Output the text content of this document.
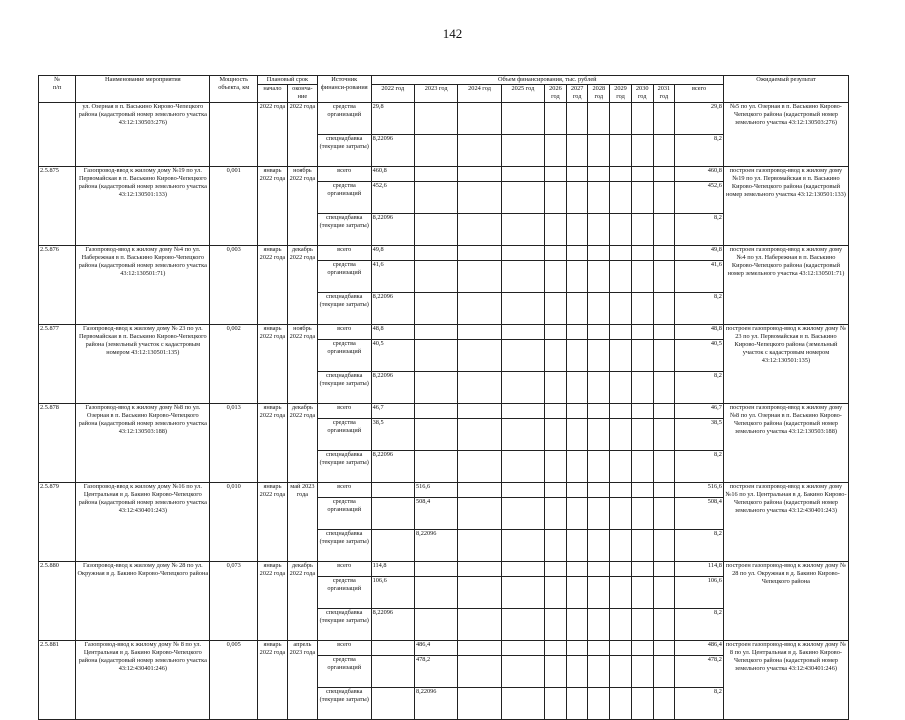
142
№
п/п	Наименование мероприятия	Мощность объекта, км	Плановый срок		Источник финанси-рования	Объем финансирования, тыс. рублей											Ожидаемый результат
			начало	оконча-ние		2022 год	2023 год	2024 год	2025 год	2026 год	2027 год	2028 год	2029 год	2030 год	2031 год	всего	
	ул. Озерная в п. Васькино Кирово-Чепецкого района (кадастровый номер земельного участка 43:12:130503:276)		2022 года	2022 года	средства организаций	29,8										29,8	№5 по ул. Озерная в п. Васькино Кирово-Чепецкого района (кадастровый номер земельного участка 43:12:130503:276)
					спецнадбавка (текущие затраты)	8,22096										8,2	
2.5.875	Газопровод-ввод к жилому дому №19 по ул. Первомайская в п. Васькино Кирово-Чепецкого района (кадастровый номер земельного участка 43:12:130501:133)	0,001	январь 2022 года	ноябрь 2022 года	всего	460,8										460,8	построен газопровод-ввод к жилому дому №19 по ул. Первомайская в п. Васькино Кирово-Чепецкого района (кадастровый номер земельного участка 43:12:130501:133)
					средства организаций	452,6										452,6	
					спецнадбавка (текущие затраты)	8,22096										8,2	
2.5.876	Газопровод-ввод к жилому дому №4 по ул. Набережная в п. Васькино Кирово-Чепецкого района (кадастровый номер земельного участка 43:12:130501:71)	0,003	январь 2022 года	декабрь 2022 года	всего	49,8										49,8	построен газопровод-ввод к жилому дому №4 по ул. Набережная в п. Васькино Кирово-Чепецкого района (кадастровый номер земельного участка 43:12:130501:71)
					средства организаций	41,6										41,6	
					спецнадбавка (текущие затраты)	8,22096										8,2	
2.5.877	Газопровод-ввод к жилому дому № 23 по ул. Первомайская в п. Васькино Кирово-Чепецкого района (земельный участок с кадастровым номером 43:12:130501:135)	0,002	январь 2022 года	ноябрь 2022 года	всего	48,8										48,8	построен газопровод-ввод к жилому дому № 23 по ул. Первомайская в п. Васькино Кирово-Чепецкого района (земельный участок с кадастровым номером 43:12:130501:135)
					средства организаций	40,5										40,5	
					спецнадбавка (текущие затраты)	8,22096										8,2	
2.5.878	Газопровод-ввод к жилому дому №8 по ул. Озерная в п. Васькино Кирово-Чепецкого района (кадастровый номер земельного участка 43:12:130503:188)	0,013	январь 2022 года	декабрь 2022 года	всего	46,7										46,7	построен газопровод-ввод к жилому дому №8 по ул. Озерная в п. Васькино Кирово-Чепецкого района (кадастровый номер земельного участка 43:12:130503:188)
					средства организаций	38,5										38,5	
					спецнадбавка (текущие затраты)	8,22096										8,2	
2.5.879	Газопровод-ввод к жилому дому №16 по ул. Центральная в д. Бакино Кирово-Чепецкого района (кадастровый номер земельного участка 43:12:430401:243)	0,010	январь 2022 года	май 2023 года	всего		516,6									516,6	построен газопровод-ввод к жилому дому №16 по ул. Центральная в д. Бакино Кирово-Чепецкого района (кадастровый номер земельного участка 43:12:430401:243)
					средства организаций		508,4									508,4	
					спецнадбавка (текущие затраты)		8,22096									8,2	
2.5.880	Газопровод-ввод к жилому дому № 28 по ул. Окружная в д. Бакино Кирово-Чепецкого района	0,073	январь 2022 года	декабрь 2022 года	всего	114,8										114,8	построен газопровод-ввод к жилому дому № 28 по ул. Окружная в д. Бакино Кирово-Чепецкого района
					средства организаций	106,6										106,6	
					спецнадбавка (текущие затраты)	8,22096										8,2	
2.5.881	Газопровод-ввод к жилому дому № 8 по ул. Центральная в д. Бакино Кирово-Чепецкого района (кадастровый номер земельного участка 43:12:430401:246)	0,005	январь 2022 года	апрель 2023 года	всего		486,4									486,4	построен газопровод-ввод к жилому дому № 8 по ул. Центральная в д. Бакино Кирово-Чепецкого района (кадастровый номер земельного участка 43:12:430401:246)
					средства организаций		478,2									478,2	
					спецнадбавка (текущие затраты)		8,22096									8,2	
